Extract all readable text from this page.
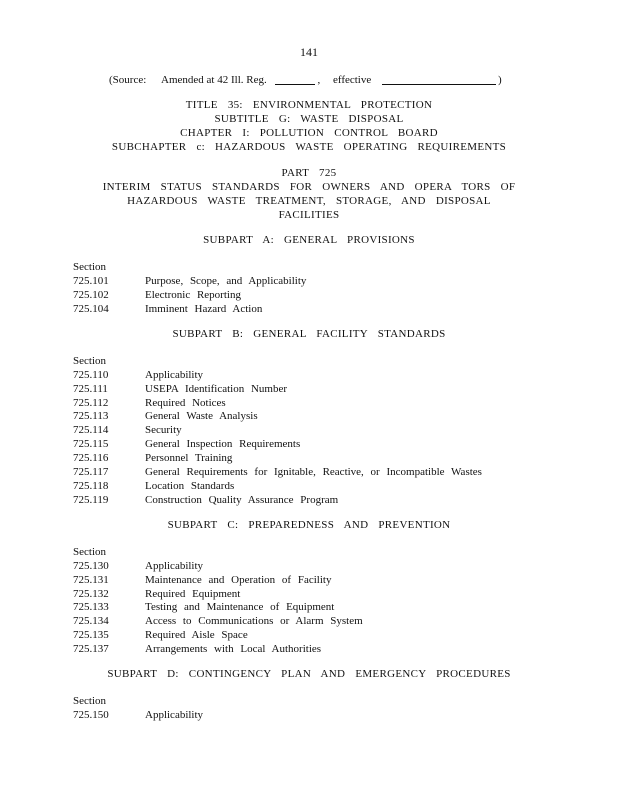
141
(Source: Amended at 42 Ill. Reg.	, effective	)
TITLE 35: ENVIRONMENTAL PROTECTION
SUBTITLE G: WASTE DISPOSAL
CHAPTER I: POLLUTION CONTROL BOARD
SUBCHAPTER c: HAZARDOUS WASTE OPERATING REQUIREMENTS
PART 725
INTERIM STATUS STANDARDS FOR OWNERS AND OPERA TORS OF
HAZARDOUS WASTE TREATMENT, STORAGE, AND DISPOSAL
FACILITIES
SUBPART A: GENERAL PROVISIONS
Section
725.101	Purpose, Scope, and Applicability
725.102	Electronic Reporting
725.104	Imminent Hazard Action
SUBPART B: GENERAL FACILITY STANDARDS
Section
725.110	Applicability
725.111	USEPA Identification Number
725.112	Required Notices
725.113	General Waste Analysis
725.114	Security
725.115	General Inspection Requirements
725.116	Personnel Training
725.117	General Requirements for Ignitable, Reactive, or Incompatible Wastes
725.118	Location Standards
725.119	Construction Quality Assurance Program
SUBPART C: PREPAREDNESS AND PREVENTION
Section
725.130	Applicability
725.131	Maintenance and Operation of Facility
725.132	Required Equipment
725.133	Testing and Maintenance of Equipment
725.134	Access to Communications or Alarm System
725.135	Required Aisle Space
725.137	Arrangements with Local Authorities
SUBPART D: CONTINGENCY PLAN AND EMERGENCY PROCEDURES
Section
725.150	Applicability
